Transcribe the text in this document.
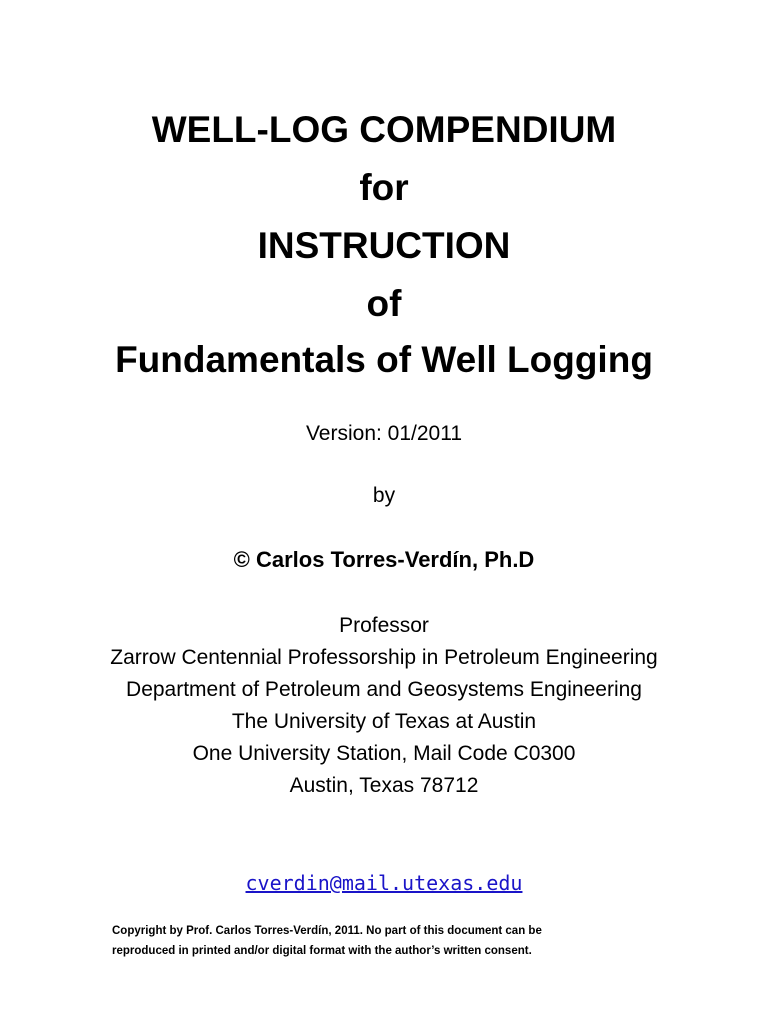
WELL-LOG COMPENDIUM
for
INSTRUCTION
of
Fundamentals of Well Logging
Version: 01/2011
by
© Carlos Torres-Verdín, Ph.D
Professor
Zarrow Centennial Professorship in Petroleum Engineering
Department of Petroleum and Geosystems Engineering
The University of Texas at Austin
One University Station, Mail Code C0300
Austin, Texas 78712
cverdin@mail.utexas.edu
Copyright by Prof. Carlos Torres-Verdín, 2011. No part of this document can be
reproduced in printed and/or digital format with the author’s written consent.
